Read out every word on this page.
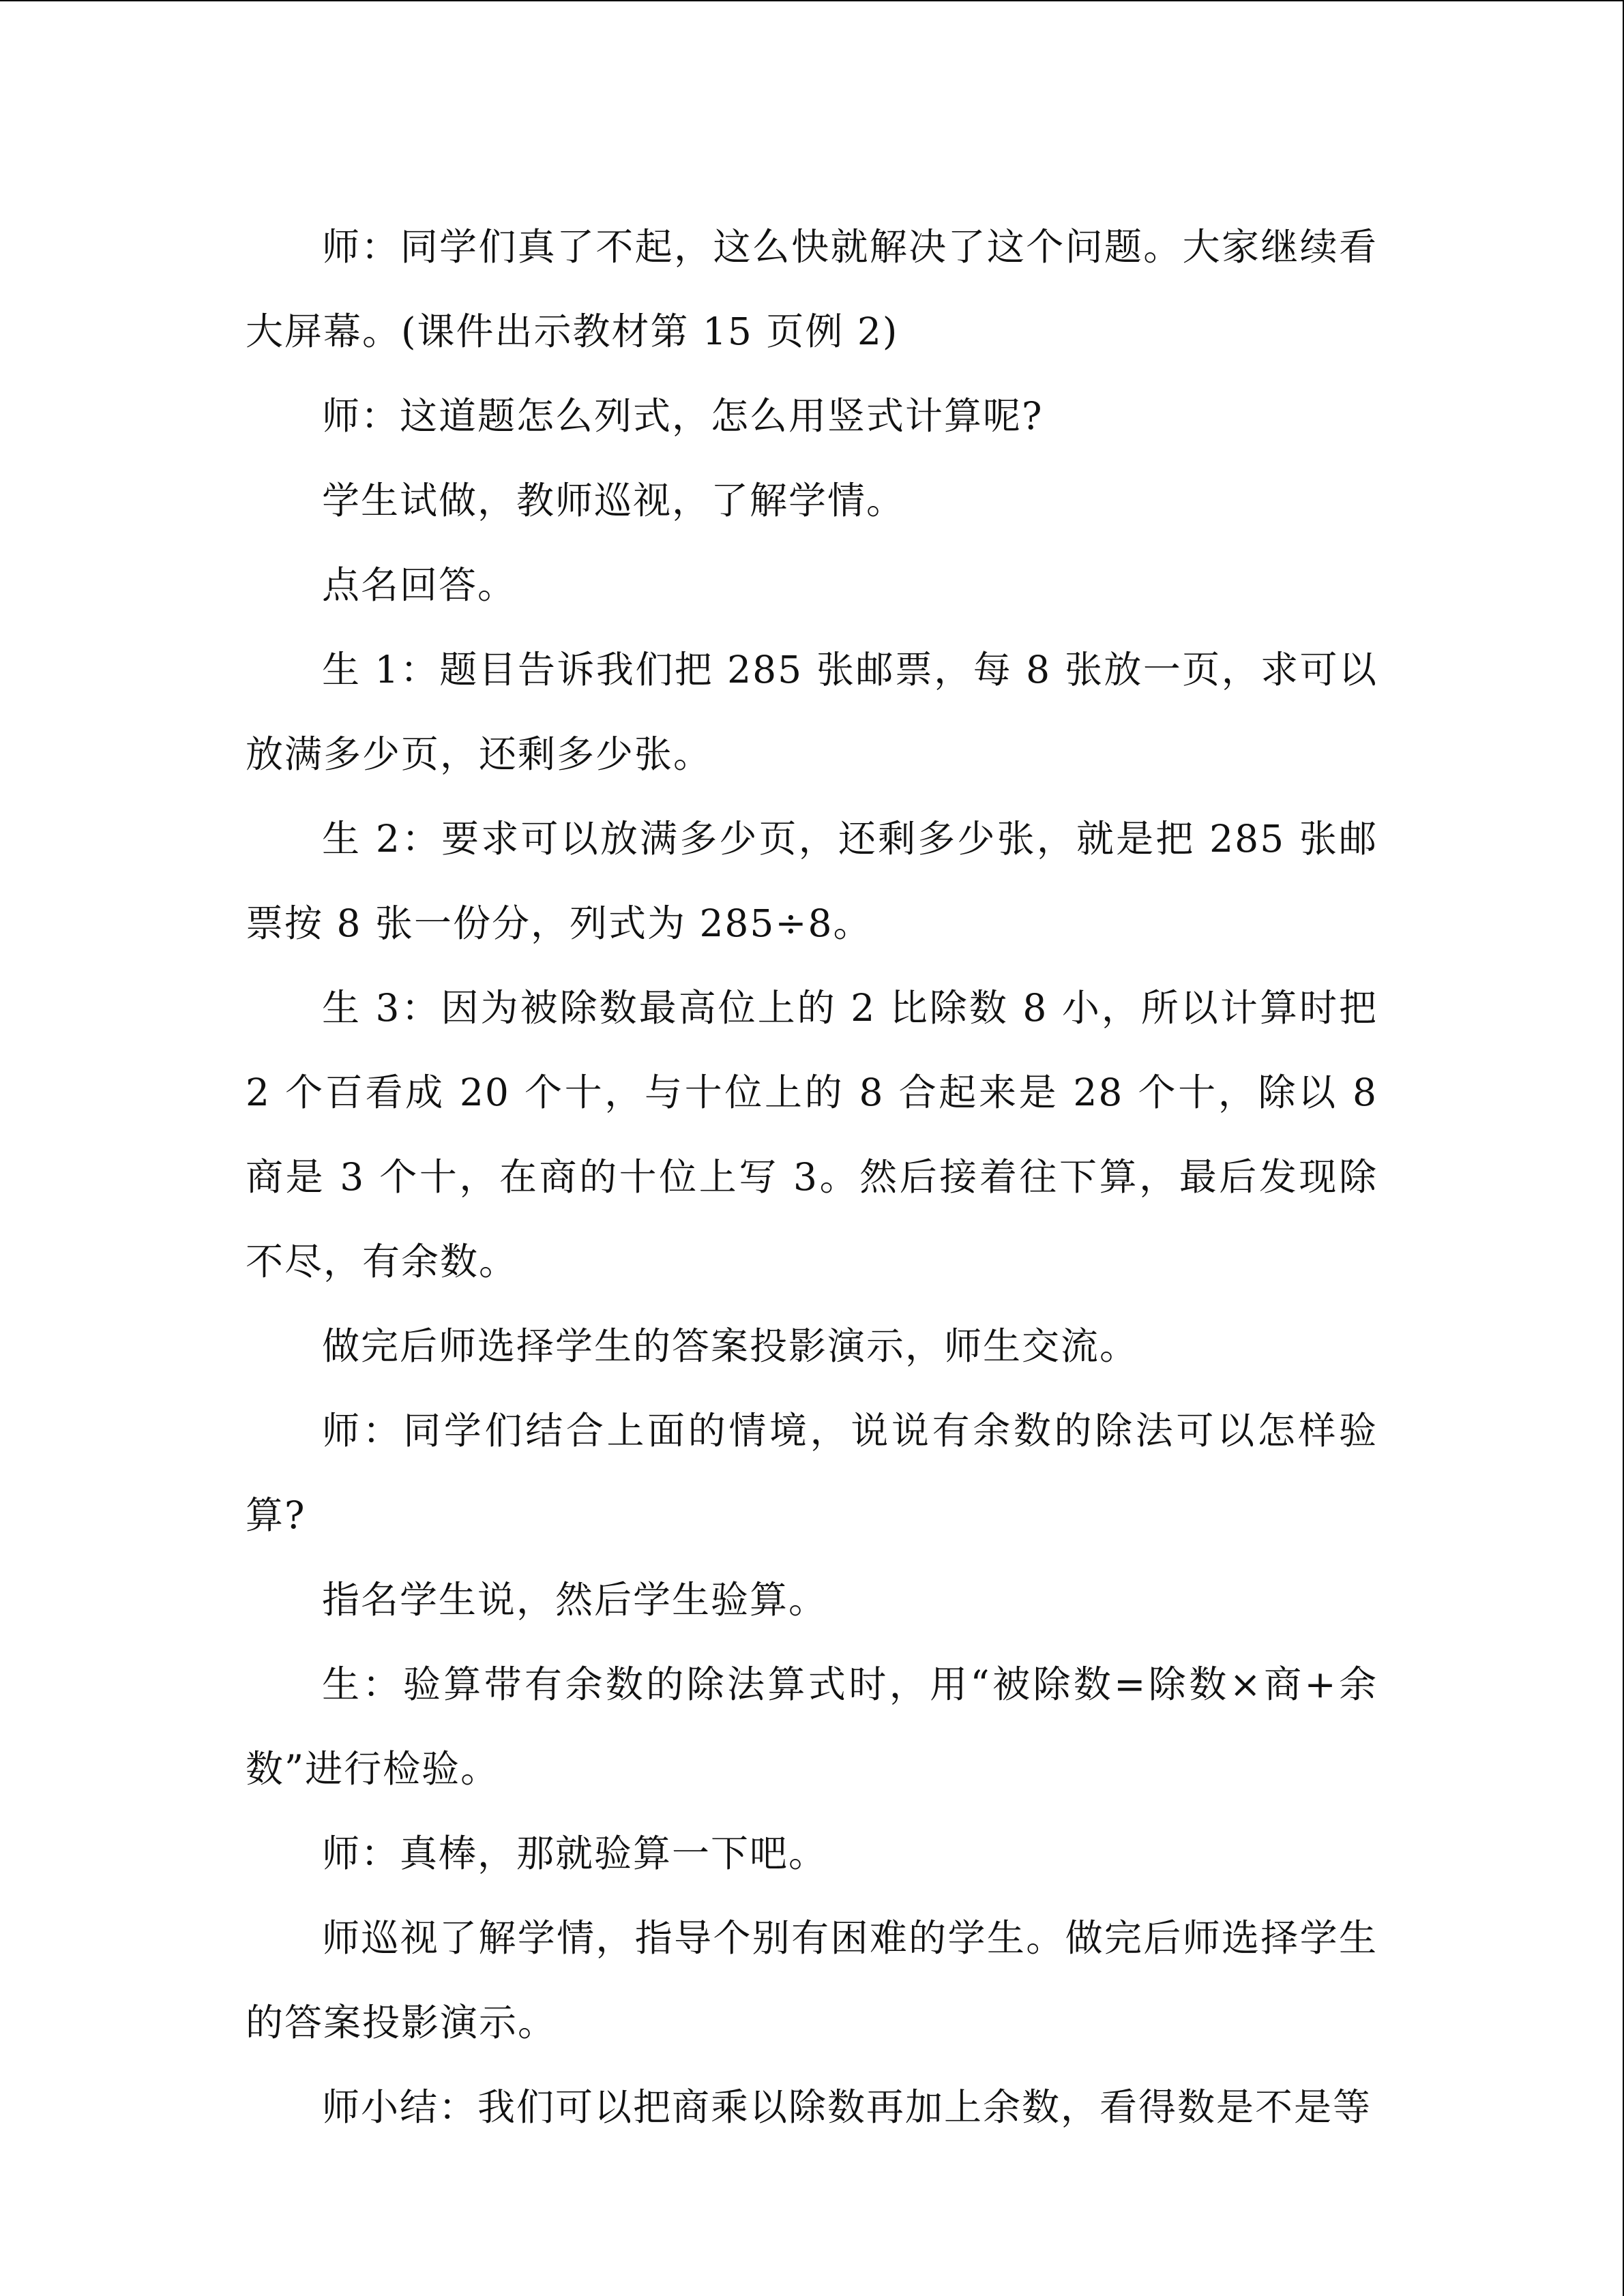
师：同学们真了不起，这么快就解决了这个问题。大家继续看大屏幕。(课件出示教材第 15 页例 2)

师：这道题怎么列式，怎么用竖式计算呢?

学生试做，教师巡视，了解学情。

点名回答。

生 1：题目告诉我们把 285 张邮票，每 8 张放一页，求可以放满多少页，还剩多少张。

生 2：要求可以放满多少页，还剩多少张，就是把 285 张邮票按 8 张一份分，列式为 285÷8。

生 3：因为被除数最高位上的 2 比除数 8 小，所以计算时把 2 个百看成 20 个十，与十位上的 8 合起来是 28 个十，除以 8 商是 3 个十，在商的十位上写 3。然后接着往下算，最后发现除不尽，有余数。

做完后师选择学生的答案投影演示，师生交流。

师：同学们结合上面的情境，说说有余数的除法可以怎样验算?

指名学生说，然后学生验算。

生：验算带有余数的除法算式时，用“被除数=除数×商+余数”进行检验。

师：真棒，那就验算一下吧。

师巡视了解学情，指导个别有困难的学生。做完后师选择学生的答案投影演示。

师小结：我们可以把商乘以除数再加上余数，看得数是不是等
